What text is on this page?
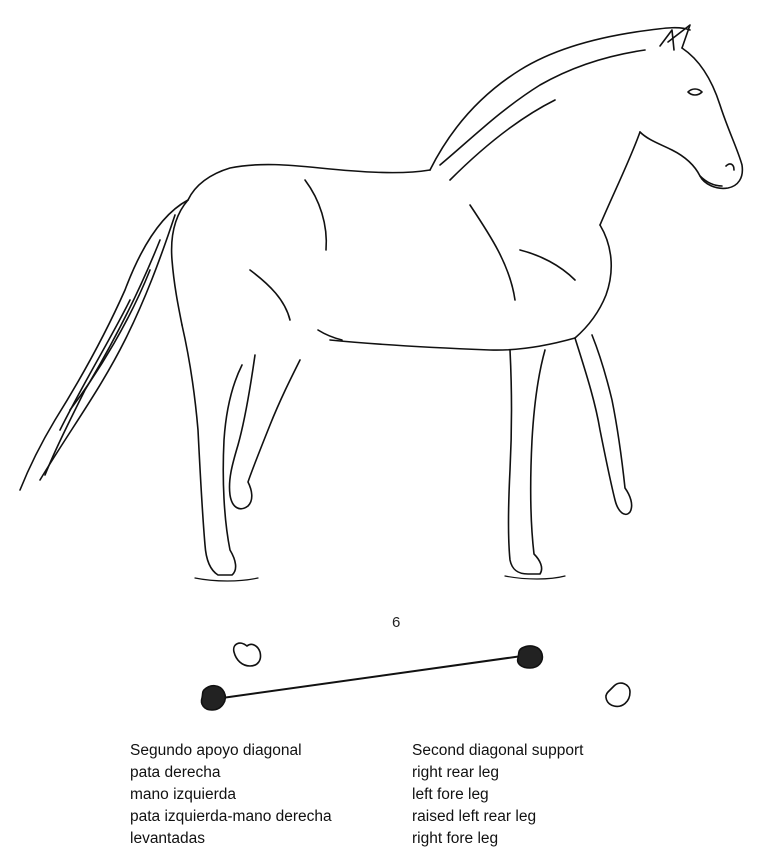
6
Segundo apoyo diagonal
pata derecha
mano izquierda
pata izquierda-mano derecha
levantadas
Second diagonal support
right rear leg
left fore leg
raised left rear leg
right fore leg
